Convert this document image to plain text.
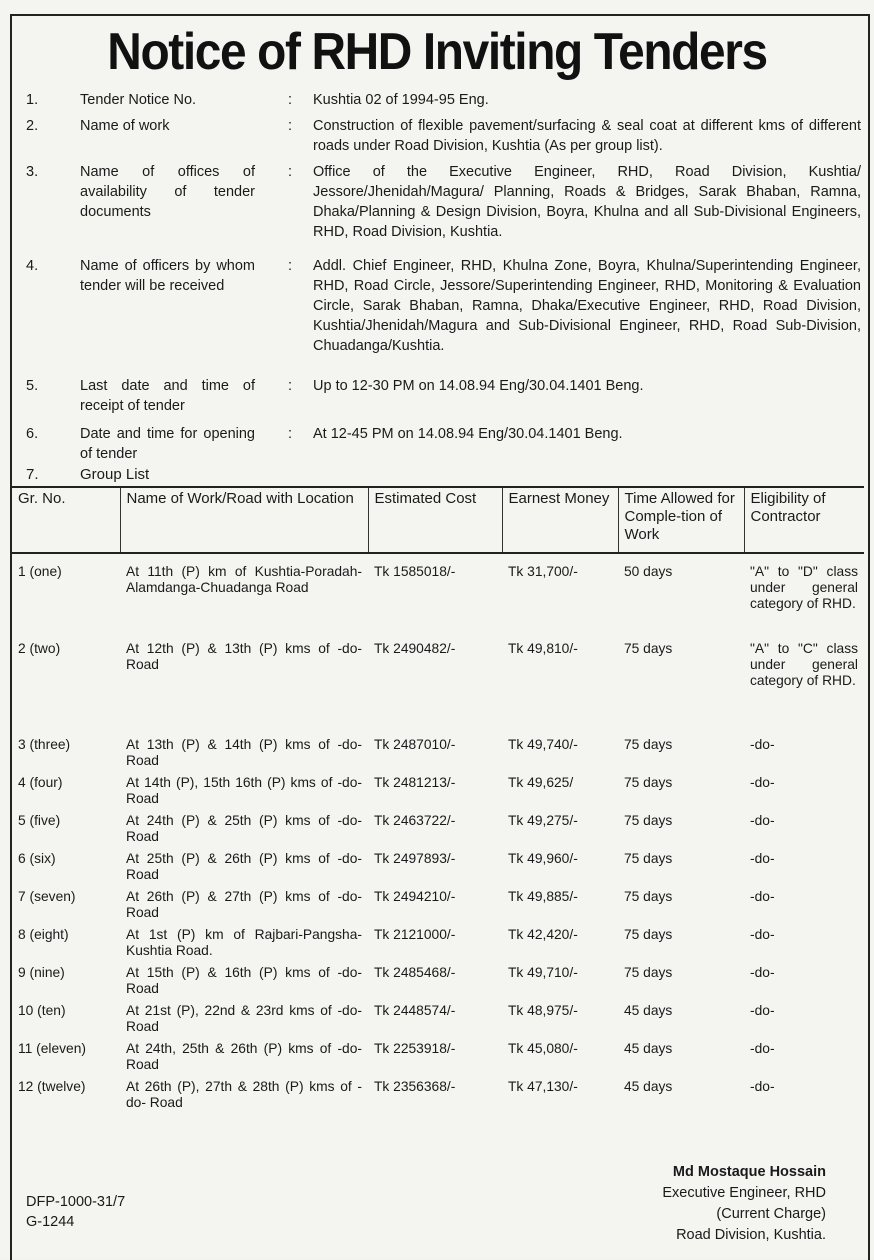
Notice of RHD Inviting Tenders
1.	Tender Notice No.	: Kushtia 02 of 1994-95 Eng.
2.	Name of work	: Construction of flexible pavement/surfacing & seal coat at different kms of different roads under Road Division, Kushtia (As per group list).
3.	Name of offices of availability of tender documents
: Office of the Executive Engineer, RHD, Road Division, Kushtia/ Jessore/Jhenidah/Magura/ Planning, Roads & Bridges, Sarak Bhaban, Ramna, Dhaka/Planning & Design Division, Boyra, Khulna and all Sub-Divisional Engineers, RHD, Road Division, Kushtia.
4.	Name of officers by whom tender will be received
: Addl. Chief Engineer, RHD, Khulna Zone, Boyra, Khulna/Superintending Engineer, RHD, Road Circle, Jessore/Superintending Engineer, RHD, Monitoring & Evaluation Circle, Sarak Bhaban, Ramna, Dhaka/Executive Engineer, RHD, Road Division, Kushtia/Jhenidah/Magura and Sub-Divisional Engineer, RHD, Road Sub-Division, Chuadanga/Kushtia.
5.	Last date and time of receipt of tender
: Up to 12-30 PM on 14.08.94 Eng/30.04.1401 Beng.
6.	Date and time for opening of tender
: At 12-45 PM on 14.08.94 Eng/30.04.1401 Beng.
7.	Group List
Gr. No.	Name of Work/Road with Location	Estimated Cost	Earnest Money	Time Allowed for Comple-tion of Work	Eligibility of Contractor
1 (one)	At 11th (P) km of Kushtia-Poradah-Alamdanga-Chuadanga Road	Tk 1585018/-	Tk 31,700/-	50 days	"A" to "D" class under general category of RHD.
2 (two)	At 12th (P) & 13th (P) kms of -do- Road	Tk 2490482/-	Tk 49,810/-	75 days	"A" to "C" class under general category of RHD.
3 (three)	At 13th (P) & 14th (P) kms of -do- Road	Tk 2487010/-	Tk 49,740/-	75 days	-do-
4 (four)	At 14th (P), 15th 16th (P) kms of -do- Road	Tk 2481213/-	Tk 49,625/	75 days	-do-
5 (five)	At 24th (P) & 25th (P) kms of -do- Road	Tk 2463722/-	Tk 49,275/-	75 days	-do-
6 (six)	At 25th (P) & 26th (P) kms of -do- Road	Tk 2497893/-	Tk 49,960/-	75 days	-do-
7 (seven)	At 26th (P) & 27th (P) kms of -do- Road	Tk 2494210/-	Tk 49,885/-	75 days	-do-
8 (eight)	At 1st (P) km of Rajbari-Pangsha-Kushtia Road.	Tk 2121000/-	Tk 42,420/-	75 days	-do-
9 (nine)	At 15th (P) & 16th (P) kms of -do- Road	Tk 2485468/-	Tk 49,710/-	75 days	-do-
10 (ten)	At 21st (P), 22nd & 23rd kms of -do- Road	Tk 2448574/-	Tk 48,975/-	45 days	-do-
11 (eleven)	At 24th, 25th & 26th (P) kms of -do- Road	Tk 2253918/-	Tk 45,080/-	45 days	-do-
12 (twelve)	At 26th (P), 27th & 28th (P) kms of -do- Road	Tk 2356368/-	Tk 47,130/-	45 days	-do-
DFP-1000-31/7
G-1244
Md Mostaque Hossain
Executive Engineer, RHD
(Current Charge)
Road Division, Kushtia.
